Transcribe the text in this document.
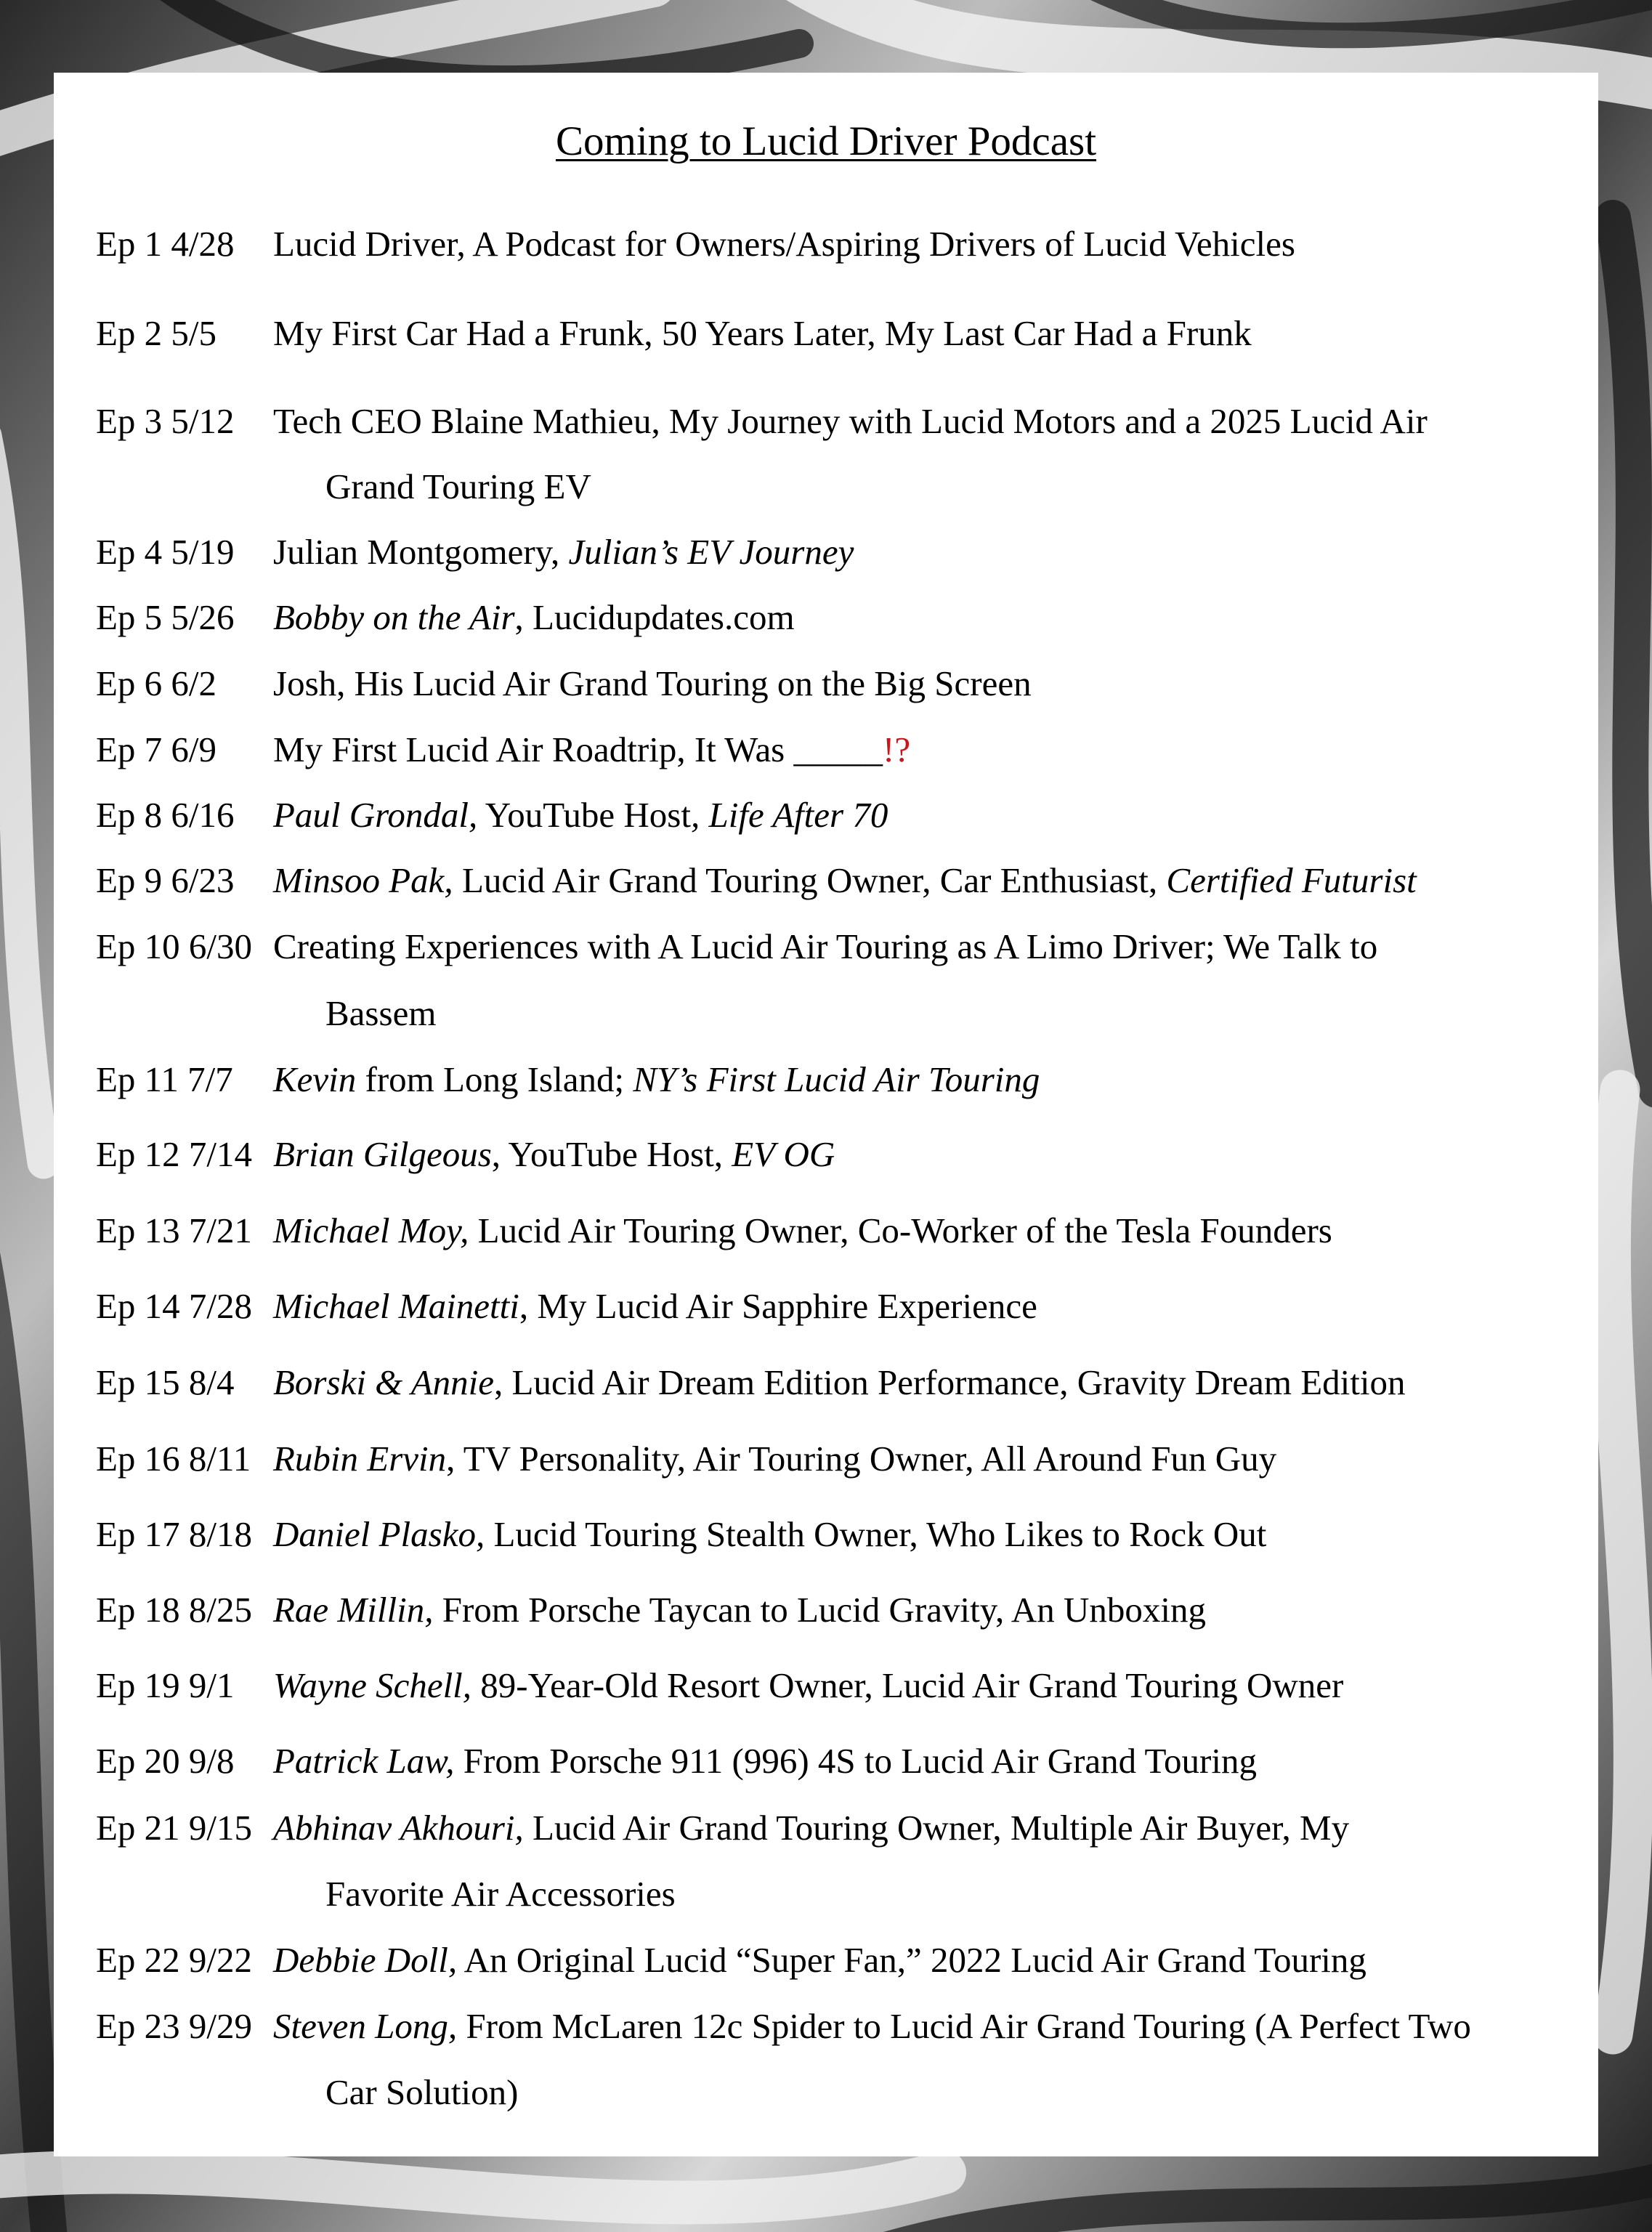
Coming to Lucid Driver Podcast
Ep 1 4/28 Lucid Driver, A Podcast for Owners/Aspiring Drivers of Lucid Vehicles
Ep 2 5/5 My First Car Had a Frunk, 50 Years Later, My Last Car Had a Frunk
Ep 3 5/12 Tech CEO Blaine Mathieu, My Journey with Lucid Motors and a 2025 Lucid Air
Grand Touring EV
Ep 4 5/19 Julian Montgomery, Julian’s EV Journey
Ep 5 5/26 Bobby on the Air, Lucidupdates.com
Ep 6 6/2 Josh, His Lucid Air Grand Touring on the Big Screen
Ep 7 6/9 My First Lucid Air Roadtrip, It Was _____!?
Ep 8 6/16 Paul Grondal, YouTube Host, Life After 70
Ep 9 6/23 Minsoo Pak, Lucid Air Grand Touring Owner, Car Enthusiast, Certified Futurist
Ep 10 6/30 Creating Experiences with A Lucid Air Touring as A Limo Driver; We Talk to
Bassem
Ep 11 7/7 Kevin from Long Island; NY’s First Lucid Air Touring
Ep 12 7/14 Brian Gilgeous, YouTube Host, EV OG
Ep 13 7/21 Michael Moy, Lucid Air Touring Owner, Co-Worker of the Tesla Founders
Ep 14 7/28 Michael Mainetti, My Lucid Air Sapphire Experience
Ep 15 8/4 Borski & Annie, Lucid Air Dream Edition Performance, Gravity Dream Edition
Ep 16 8/11 Rubin Ervin, TV Personality, Air Touring Owner, All Around Fun Guy
Ep 17 8/18 Daniel Plasko, Lucid Touring Stealth Owner, Who Likes to Rock Out
Ep 18 8/25 Rae Millin, From Porsche Taycan to Lucid Gravity, An Unboxing
Ep 19 9/1 Wayne Schell, 89-Year-Old Resort Owner, Lucid Air Grand Touring Owner
Ep 20 9/8 Patrick Law, From Porsche 911 (996) 4S to Lucid Air Grand Touring
Ep 21 9/15 Abhinav Akhouri, Lucid Air Grand Touring Owner, Multiple Air Buyer, My
Favorite Air Accessories
Ep 22 9/22 Debbie Doll, An Original Lucid “Super Fan,” 2022 Lucid Air Grand Touring
Ep 23 9/29 Steven Long, From McLaren 12c Spider to Lucid Air Grand Touring (A Perfect Two
Car Solution)
